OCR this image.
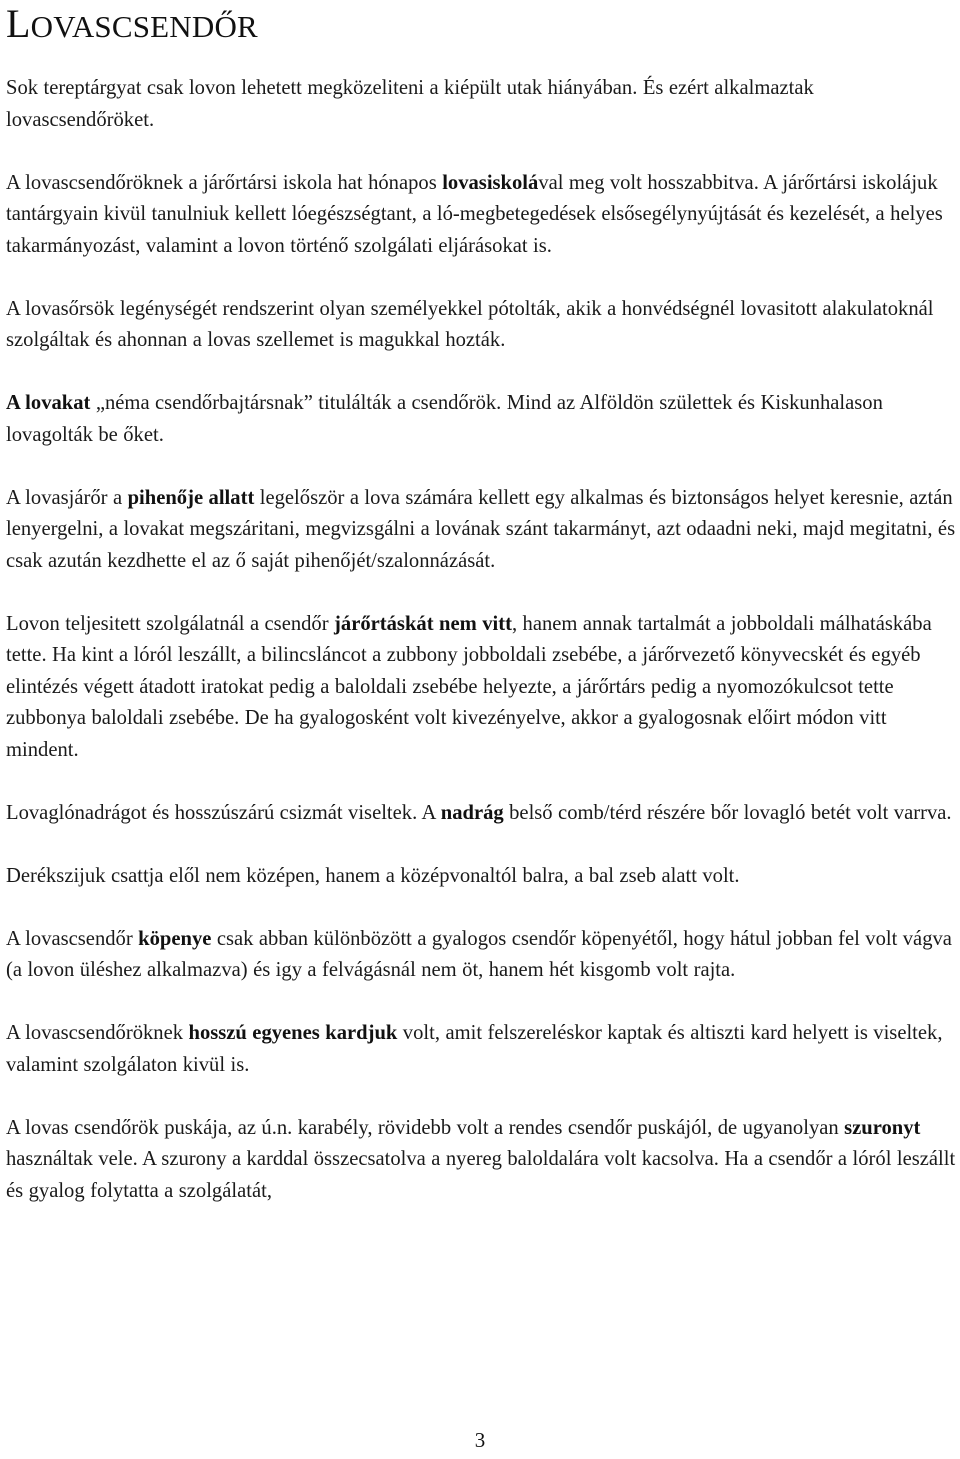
LOVASCSENDŐR

Sok tereptárgyat csak lovon lehetett megközeliteni a kiépült utak hiányában. És ezért alkalmaztak lovascsendőröket.

A lovascsendőröknek a járőrtársi iskola hat hónapos lovasiskolával meg volt hosszabbitva. A járőrtársi iskolájuk tantárgyain kivül tanulniuk kellett lóegészségtant, a ló-megbetegedések elsősegélynyújtását és kezelését, a helyes takarmányozást, valamint a lovon történő szolgálati eljárásokat is.

A lovasőrsök legénységét rendszerint olyan személyekkel pótolták, akik a honvédségnél lovasitott alakulatoknál szolgáltak és ahonnan a lovas szellemet is magukkal hozták.

A lovakat „néma csendőrbajtársnak” titulálták a csendőrök. Mind az Alföldön születtek és Kiskunhalason lovagolták be őket.

A lovasjárőr a pihenője allatt legelőször a lova számára kellett egy alkalmas és biztonságos helyet keresnie, aztán lenyergelni, a lovakat megszáritani, megvizsgálni a lovának szánt takarmányt, azt odaadni neki, majd megitatni, és csak azután kezdhette el az ő saját pihenőjét/szalonnázását.

Lovon teljesitett szolgálatnál a csendőr járőrtáskát nem vitt, hanem annak tartalmát a jobboldali málhatáskába tette. Ha kint a lóról leszállt, a bilincsláncot a zubbony jobboldali zsebébe, a járőrvezető könyvecskét és egyéb elintézés végett átadott iratokat pedig a baloldali zsebébe helyezte, a járőrtárs pedig a nyomozókulcsot tette zubbonya baloldali zsebébe. De ha gyalogosként volt kivezényelve, akkor a gyalogosnak előirt módon vitt mindent.

Lovaglónadrágot és hosszúszárú csizmát viseltek. A nadrág belső comb/térd részére bőr lovagló betét volt varrva.

Derékszijuk csattja elől nem középen, hanem a középvonaltól balra, a bal zseb alatt volt.

A lovascsendőr köpenye csak abban különbözött a gyalogos csendőr köpenyétől, hogy hátul jobban fel volt vágva (a lovon üléshez alkalmazva) és igy a felvágásnál nem öt, hanem hét kisgomb volt rajta.

A lovascsendőröknek hosszú egyenes kardjuk volt, amit felszereléskor kaptak és altiszti kard helyett is viseltek, valamint szolgálaton kivül is.

A lovas csendőrök puskája, az ú.n. karabély, rövidebb volt a rendes csendőr puskájól, de ugyanolyan szuronyt használtak vele. A szurony a karddal összecsatolva a nyereg baloldalára volt kacsolva. Ha a csendőr a lóról leszállt és gyalog folytatta a szolgálatát,

3
